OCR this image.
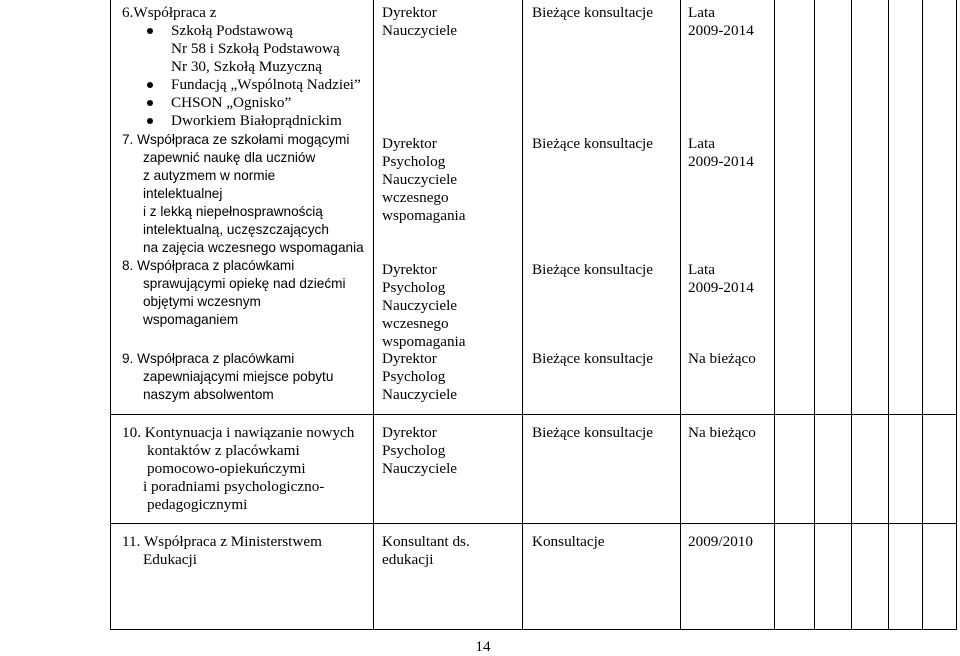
6.Współpraca z
Szkołą Podstawową
Nr 58 i Szkołą Podstawową
Nr 30, Szkołą Muzyczną
Fundacją „Wspólnotą Nadziei”
CHSON „Ognisko”
Dworkiem Białoprądnickim
Dyrektor
Nauczyciele
Bieżące konsultacje Lata
2009-2014
7. Współpraca ze szkołami mogącymi
zapewnić naukę dla uczniów
z autyzmem w normie
intelektualnej
i z lekką niepełnosprawnością
intelektualną, uczęszczających
na zajęcia wczesnego wspomagania
Dyrektor
Psycholog
Nauczyciele
wczesnego
wspomagania
Bieżące konsultacje Lata
2009-2014
8. Współpraca z placówkami
sprawującymi opiekę nad dziećmi
objętymi wczesnym
wspomaganiem
Dyrektor
Psycholog
Nauczyciele
wczesnego
wspomagania
Bieżące konsultacje Lata
2009-2014
9. Współpraca z placówkami
zapewniającymi miejsce pobytu
naszym absolwentom
Dyrektor
Psycholog
Nauczyciele
Bieżące konsultacje Na bieżąco
10. Kontynuacja i nawiązanie nowych
kontaktów z placówkami
pomocowo-opiekuńczymi
i poradniami psychologiczno-
pedagogicznymi
Dyrektor
Psycholog
Nauczyciele
Bieżące konsultacje Na bieżąco
11. Współpraca z Ministerstwem
Edukacji
Konsultant ds.
edukacji
Konsultacje	2009/2010
14
